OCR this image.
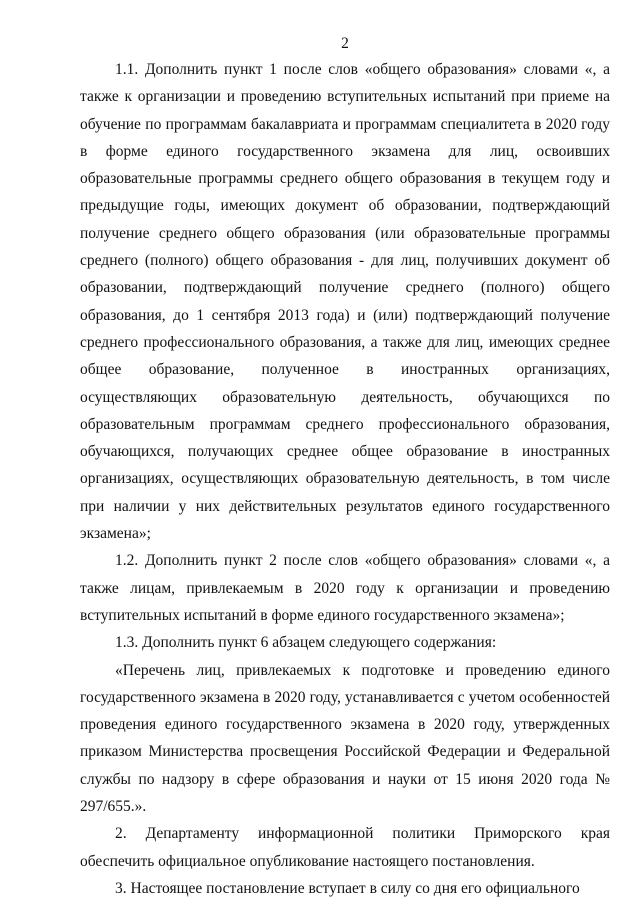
2

1.1. Дополнить пункт 1 после слов «общего образования» словами «, а также к организации и проведению вступительных испытаний при приеме на обучение по программам бакалавриата и программам специалитета в 2020 году в форме единого государственного экзамена для лиц, освоивших образовательные программы среднего общего образования в текущем году и предыдущие годы, имеющих документ об образовании, подтверждающий получение среднего общего образования (или образовательные программы среднего (полного) общего образования - для лиц, получивших документ об образовании, подтверждающий получение среднего (полного) общего образования, до 1 сентября 2013 года) и (или) подтверждающий получение среднего профессионального образования, а также для лиц, имеющих среднее общее образование, полученное в иностранных организациях, осуществляющих образовательную деятельность, обучающихся по образовательным программам среднего профессионального образования, обучающихся, получающих среднее общее образование в иностранных организациях, осуществляющих образовательную деятельность, в том числе при наличии у них действительных результатов единого государственного экзамена»;

1.2. Дополнить пункт 2 после слов «общего образования» словами «, а также лицам, привлекаемым в 2020 году к организации и проведению вступительных испытаний в форме единого государственного экзамена»;

1.3. Дополнить пункт 6 абзацем следующего содержания:

«Перечень лиц, привлекаемых к подготовке и проведению единого государственного экзамена в 2020 году, устанавливается с учетом особенностей проведения единого государственного экзамена в 2020 году, утвержденных приказом Министерства просвещения Российской Федерации и Федеральной службы по надзору в сфере образования и науки от 15 июня 2020 года № 297/655.».

2. Департаменту информационной политики Приморского края обеспечить официальное опубликование настоящего постановления.

3. Настоящее постановление вступает в силу со дня его официального
